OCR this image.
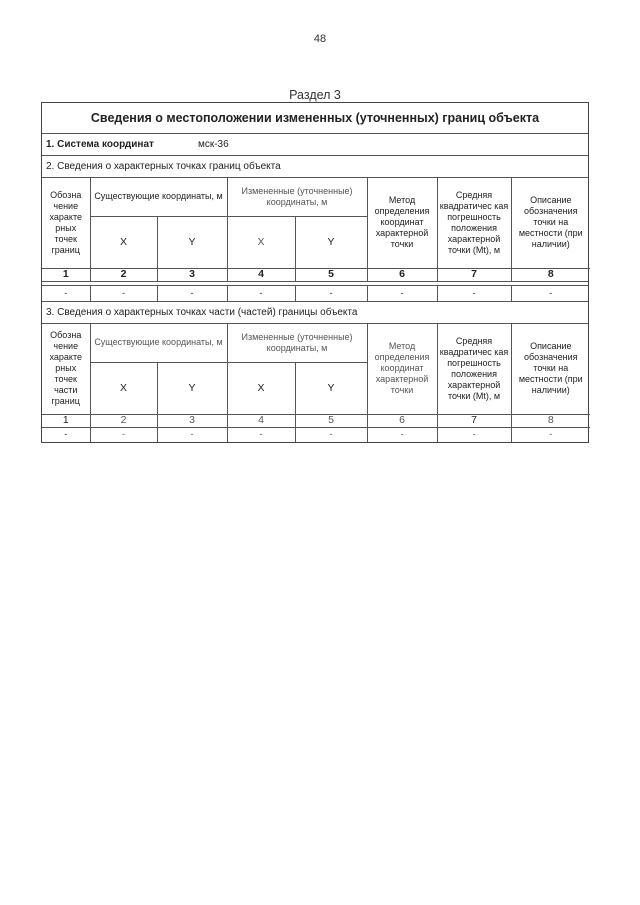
48
Раздел 3
Сведения о местоположении измененных (уточненных) границ объекта
1. Система координат	мск-36
2. Сведения о характерных точках границ объекта
Обозна чение характе рных точек границ	Существующие координаты, м		Измененные (уточненные) координаты, м		Метод определения координат характерной точки	Средняя квадратичес кая погрешность положения характерной точки (Mt), м	Описание обозначения точки на местности (при наличии)
	X	Y	X	Y			
1	2	3	4	5	6	7	8
-	-	-	-	-	-	-	-
3. Сведения о характерных точках части (частей) границы объекта
Обозна чение характе рных точек части границ	Существующие координаты, м		Измененные (уточненные) координаты, м		Метод определения координат характерной точки	Средняя квадратичес кая погрешность положения характерной точки (Mt), м	Описание обозначения точки на местности (при наличии)
	X	Y	X	Y			
1	2	3	4	5	6	7	8
-	-	-	-	-	-	-	-
